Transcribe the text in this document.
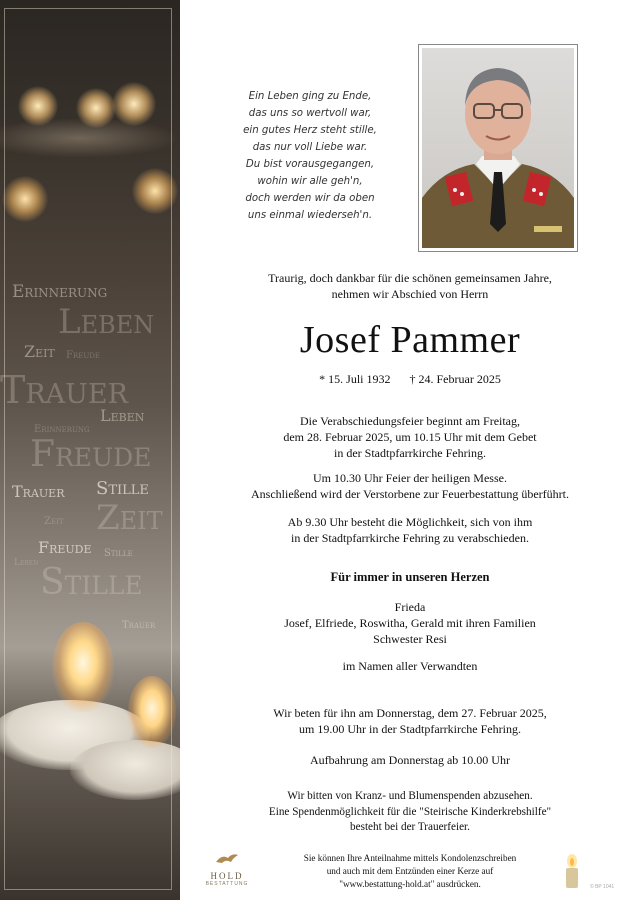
Erinnerung
Leben
Zeit Freude
Trauer
Leben
Erinnerung
Freude
Trauer Stille
Zeit Zeit
Freude Stille
Leben Stille
Trauer
Ein Leben ging zu Ende,
das uns so wertvoll war,
ein gutes Herz steht stille,
das nur voll Liebe war.
Du bist vorausgegangen,
wohin wir alle geh'n,
doch werden wir da oben
uns einmal wiederseh'n.
Traurig, doch dankbar für die schönen gemeinsamen Jahre,
nehmen wir Abschied von Herrn
Josef Pammer
* 15. Juli 1932 † 24. Februar 2025
Die Verabschiedungsfeier beginnt am Freitag,
dem 28. Februar 2025, um 10.15 Uhr mit dem Gebet
in der Stadtpfarrkirche Fehring.
Um 10.30 Uhr Feier der heiligen Messe.
Anschließend wird der Verstorbene zur Feuerbestattung überführt.
Ab 9.30 Uhr besteht die Möglichkeit, sich von ihm
in der Stadtpfarrkirche Fehring zu verabschieden.
Für immer in unseren Herzen
Frieda
Josef, Elfriede, Roswitha, Gerald mit ihren Familien
Schwester Resi
im Namen aller Verwandten
Wir beten für ihn am Donnerstag, dem 27. Februar 2025,
um 19.00 Uhr in der Stadtpfarrkirche Fehring.
Aufbahrung am Donnerstag ab 10.00 Uhr
Wir bitten von Kranz- und Blumenspenden abzusehen.
Eine Spendenmöglichkeit für die "Steirische Kinderkrebshilfe"
besteht bei der Trauerfeier.
HOLD
BESTATTUNG
Sie können Ihre Anteilnahme mittels Kondolenzschreiben
und auch mit dem Entzünden einer Kerze auf
"www.bestattung-hold.at" ausdrücken.	© BP 1041
